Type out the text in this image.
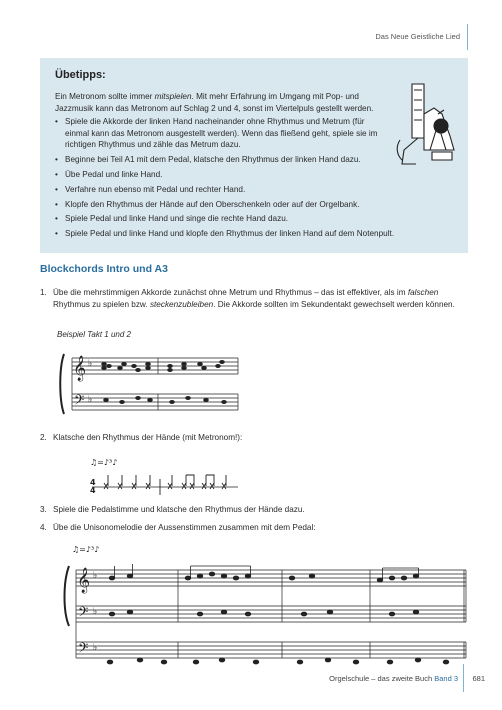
Das Neue Geistliche Lied
Übetipps:

Ein Metronom sollte immer mitspielen. Mit mehr Erfahrung im Umgang mit Pop- und Jazzmusik kann das Metronom auf Schlag 2 und 4, sonst im Viertelpuls gestellt werden.

• Spiele die Akkorde der linken Hand nacheinander ohne Rhythmus und Metrum (für einmal kann das Metronom ausgestellt werden). Wenn das fließend geht, spiele sie im richtigen Rhythmus und zähle das Metrum dazu.
• Beginne bei Teil A1 mit dem Pedal, klatsche den Rhythmus der linken Hand dazu.
• Übe Pedal und linke Hand.
• Verfahre nun ebenso mit Pedal und rechter Hand.
• Klopfe den Rhythmus der Hände auf den Oberschenkeln oder auf der Orgelbank.
• Spiele Pedal und linke Hand und singe die rechte Hand dazu.
• Spiele Pedal und linke Hand und klopfe den Rhythmus der linken Hand auf dem Notenpult.
Blockchords Intro und A3
1. Übe die mehrstimmigen Akkorde zunächst ohne Metrum und Rhythmus – das ist effektiver, als im falschen Rhythmus zu spielen bzw. steckenzubleiben. Die Akkorde sollten im Sekundentakt gewechselt werden können.
Beispiel Takt 1 und 2
𝄞
𝄢
♭
♭
2. Klatsche den Rhythmus der Hände (mit Metronom!):
♫=♪³♪
4
4
3. Spiele die Pedalstimme und klatsche den Rhythmus der Hände dazu.
4. Übe die Unisonomelodie der Aussenstimmen zusammen mit dem Pedal:
♫=♪³♪
𝄞
𝄢
𝄢
♭
♭
♭
Orgelschule – das zweite Buch Band 3 681
